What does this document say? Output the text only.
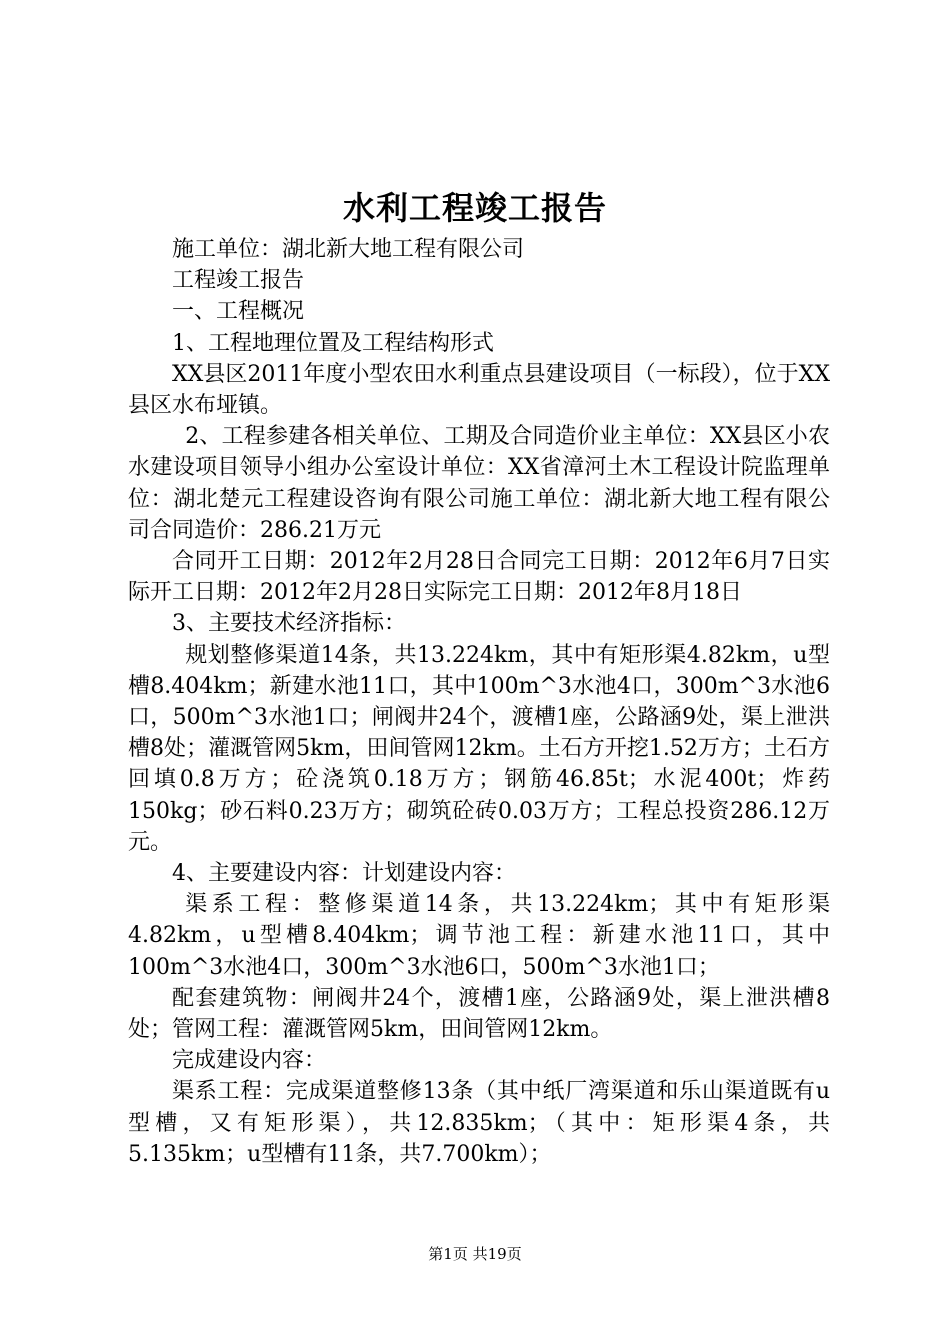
水利工程竣工报告

施工单位：湖北新大地工程有限公司

工程竣工报告

一、工程概况

1、工程地理位置及工程结构形式

XX县区2011年度小型农田水利重点县建设项目（一标段），位于XX县区水布垭镇。

2、工程参建各相关单位、工期及合同造价业主单位：XX县区小农水建设项目领导小组办公室设计单位：XX省漳河土木工程设计院监理单位：湖北楚元工程建设咨询有限公司施工单位：湖北新大地工程有限公司合同造价：286.21万元

合同开工日期：2012年2月28日合同完工日期：2012年6月7日实际开工日期：2012年2月28日实际完工日期：2012年8月18日

3、主要技术经济指标：

规划整修渠道14条，共13.224km，其中有矩形渠4.82km，u型槽8.404km；新建水池11口，其中100m^3水池4口，300m^3水池6口，500m^3水池1口；闸阀井24个，渡槽1座，公路涵9处，渠上泄洪槽8处；灌溉管网5km，田间管网12km。土石方开挖1.52万方；土石方回填0.8万方；砼浇筑0.18万方；钢筋46.85t；水泥400t；炸药150kg；砂石料0.23万方；砌筑砼砖0.03万方；工程总投资286.12万元。

4、主要建设内容：计划建设内容：

渠系工程：整修渠道14条，共13.224km；其中有矩形渠4.82km，u型槽8.404km；调节池工程：新建水池11口，其中100m^3水池4口，300m^3水池6口，500m^3水池1口；

配套建筑物：闸阀井24个，渡槽1座，公路涵9处，渠上泄洪槽8处；管网工程：灌溉管网5km，田间管网12km。

完成建设内容：

渠系工程：完成渠道整修13条（其中纸厂湾渠道和乐山渠道既有u型槽，又有矩形渠），共12.835km；（其中：矩形渠4条，共5.135km；u型槽有11条，共7.700km）；

第1页 共19页
